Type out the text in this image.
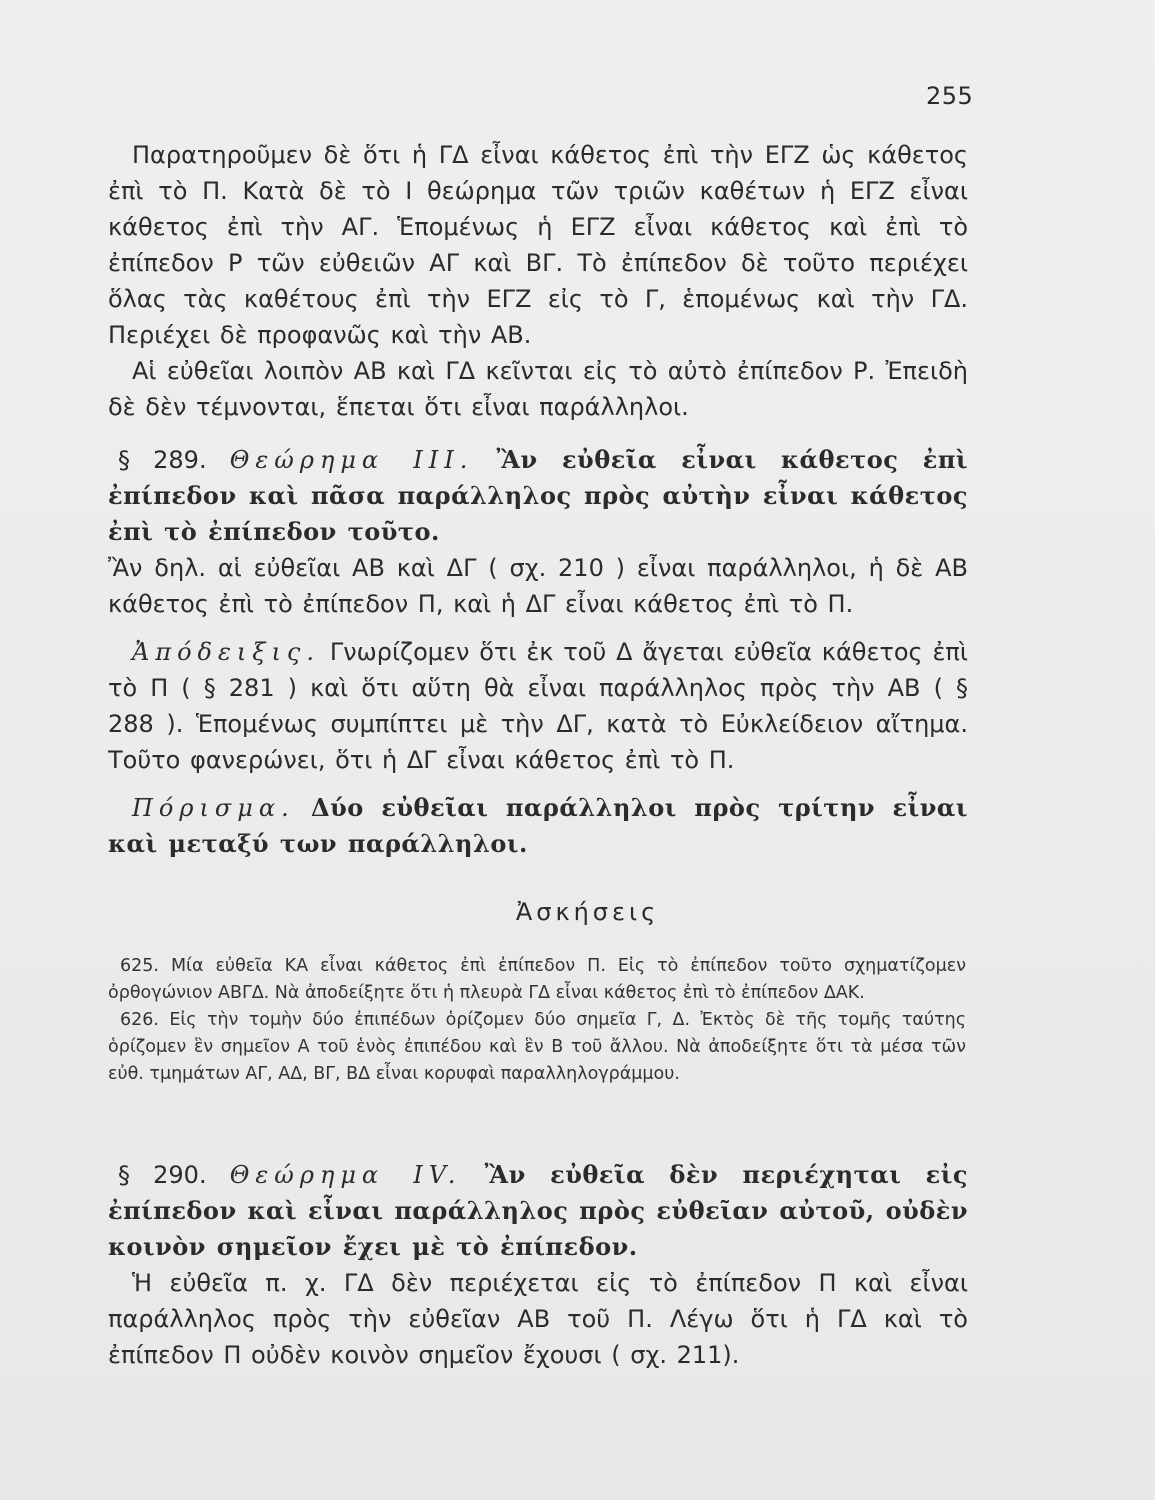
255

Παρατηροῦμεν δὲ ὅτι ἡ ΓΔ εἶναι κάθετος ἐπὶ τὴν ΕΓΖ ὡς κάθετος ἐπὶ τὸ Π. Κατὰ δὲ τὸ Ι θεώρημα τῶν τριῶν καθέτων ἡ ΕΓΖ εἶναι κάθετος ἐπὶ τὴν ΑΓ. Ἑπομένως ἡ ΕΓΖ εἶναι κάθετος καὶ ἐπὶ τὸ ἐπίπεδον Ρ τῶν εὐθειῶν ΑΓ καὶ ΒΓ. Τὸ ἐπίπεδον δὲ τοῦτο περιέχει ὅλας τὰς καθέτους ἐπὶ τὴν ΕΓΖ εἰς τὸ Γ, ἑπομένως καὶ τὴν ΓΔ. Περιέχει δὲ προφανῶς καὶ τὴν ΑΒ.

Αἱ εὐθεῖαι λοιπὸν ΑΒ καὶ ΓΔ κεῖνται εἰς τὸ αὐτὸ ἐπίπεδον Ρ. Ἐπειδὴ δὲ δὲν τέμνονται, ἕπεται ὅτι εἶναι παράλληλοι.

§ 289. Θεώρημα III. Ἂν εὐθεῖα εἶναι κάθετος ἐπὶ ἐπίπεδον καὶ πᾶσα παράλληλος πρὸς αὐτὴν εἶναι κάθετος ἐπὶ τὸ ἐπίπεδον τοῦτο.

Ἂν δηλ. αἱ εὐθεῖαι ΑΒ καὶ ΔΓ ( σχ. 210 ) εἶναι παράλληλοι, ἡ δὲ ΑΒ κάθετος ἐπὶ τὸ ἐπίπεδον Π, καὶ ἡ ΔΓ εἶναι κάθετος ἐπὶ τὸ Π.

Ἀπόδειξις. Γνωρίζομεν ὅτι ἐκ τοῦ Δ ἄγεται εὐθεῖα κάθετος ἐπὶ τὸ Π ( § 281 ) καὶ ὅτι αὕτη θὰ εἶναι παράλληλος πρὸς τὴν ΑΒ ( § 288 ). Ἑπομένως συμπίπτει μὲ τὴν ΔΓ, κατὰ τὸ Εὐκλείδειον αἴτημα. Τοῦτο φανερώνει, ὅτι ἡ ΔΓ εἶναι κάθετος ἐπὶ τὸ Π.

Πόρισμα. Δύο εὐθεῖαι παράλληλοι πρὸς τρίτην εἶναι καὶ μεταξύ των παράλληλοι.

Ἀσκήσεις

625. Μία εὐθεῖα ΚΑ εἶναι κάθετος ἐπὶ ἐπίπεδον Π. Εἰς τὸ ἐπίπεδον τοῦτο σχηματίζομεν ὀρθογώνιον ΑΒΓΔ. Νὰ ἀποδείξητε ὅτι ἡ πλευρὰ ΓΔ εἶναι κάθετος ἐπὶ τὸ ἐπίπεδον ΔΑΚ.

626. Εἰς τὴν τομὴν δύο ἐπιπέδων ὁρίζομεν δύο σημεῖα Γ, Δ. Ἐκτὸς δὲ τῆς τομῆς ταύτης ὁρίζομεν ἓν σημεῖον Α τοῦ ἑνὸς ἐπιπέδου καὶ ἓν Β τοῦ ἄλλου. Νὰ ἀποδείξητε ὅτι τὰ μέσα τῶν εὐθ. τμημάτων ΑΓ, ΑΔ, ΒΓ, ΒΔ εἶναι κορυφαὶ παραλληλογράμμου.

§ 290. Θεώρημα IV. Ἂν εὐθεῖα δὲν περιέχηται εἰς ἐπίπεδον καὶ εἶναι παράλληλος πρὸς εὐθεῖαν αὐτοῦ, οὐδὲν κοινὸν σημεῖον ἔχει μὲ τὸ ἐπίπεδον.

Ἡ εὐθεῖα π. χ. ΓΔ δὲν περιέχεται εἰς τὸ ἐπίπεδον Π καὶ εἶναι παράλληλος πρὸς τὴν εὐθεῖαν ΑΒ τοῦ Π. Λέγω ὅτι ἡ ΓΔ καὶ τὸ ἐπίπεδον Π οὐδὲν κοινὸν σημεῖον ἔχουσι ( σχ. 211).
